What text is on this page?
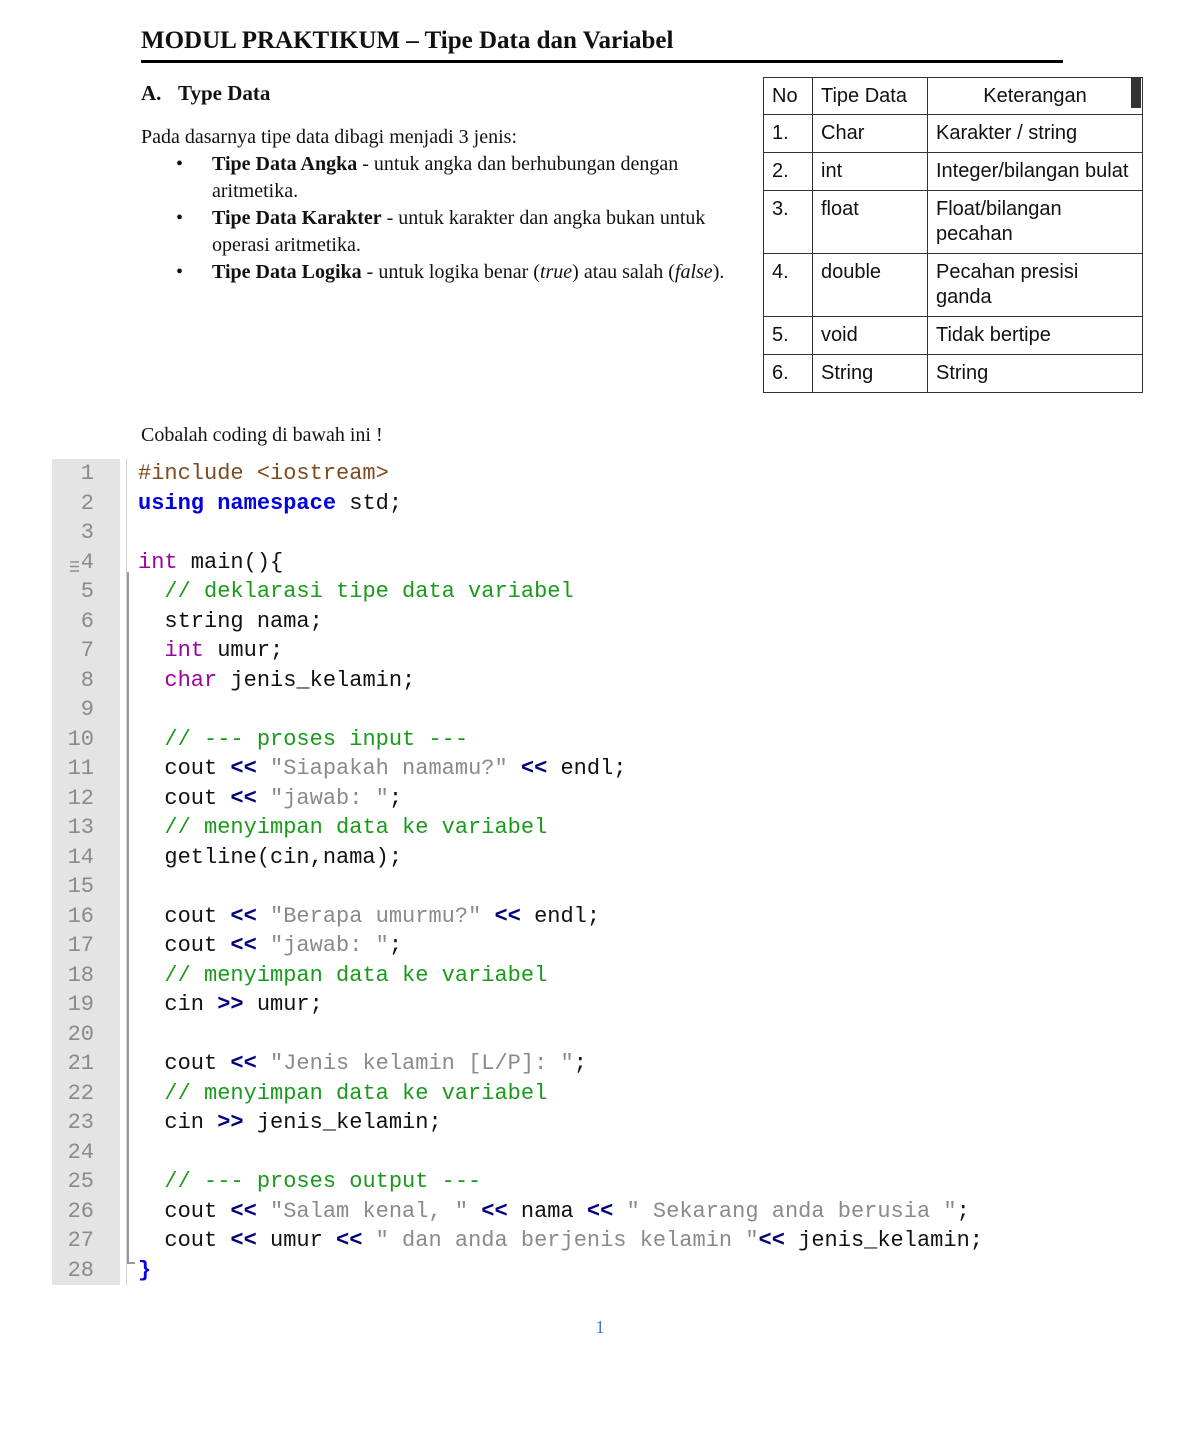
MODUL PRAKTIKUM – Tipe Data dan Variabel
A. Type Data
Pada dasarnya tipe data dibagi menjadi 3 jenis:
• Tipe Data Angka - untuk angka dan berhubungan dengan aritmetika.
• Tipe Data Karakter - untuk karakter dan angka bukan untuk operasi aritmetika.
• Tipe Data Logika - untuk logika benar (true) atau salah (false).
No	Tipe Data	Keterangan
1.	Char	Karakter / string
2.	int	Integer/bilangan bulat
3.	float	Float/bilangan pecahan
4.	double	Pecahan presisi ganda
5.	void	Tidak bertipe
6.	String	String
Cobalah coding di bawah ini !
1 #include <iostream>
2 using namespace std;
3
4 int main(){
5	// deklarasi tipe data variabel
6 string nama;
7	int umur;
8	char jenis_kelamin;
9
10	// --- proses input ---
11 cout << "Siapakah namamu?" << endl;
12 cout << "jawab: ";
13	// menyimpan data ke variabel
14 getline(cin,nama);
15
16 cout << "Berapa umurmu?" << endl;
17 cout << "jawab: ";
18	// menyimpan data ke variabel
19 cin >> umur;
20
21 cout << "Jenis kelamin [L/P]: ";
22	// menyimpan data ke variabel
23 cin >> jenis_kelamin;
24
25	// --- proses output ---
26 cout << "Salam kenal, " << nama << " Sekarang anda berusia ";
27 cout << umur << " dan anda berjenis kelamin "<< jenis_kelamin;
28 }
1
